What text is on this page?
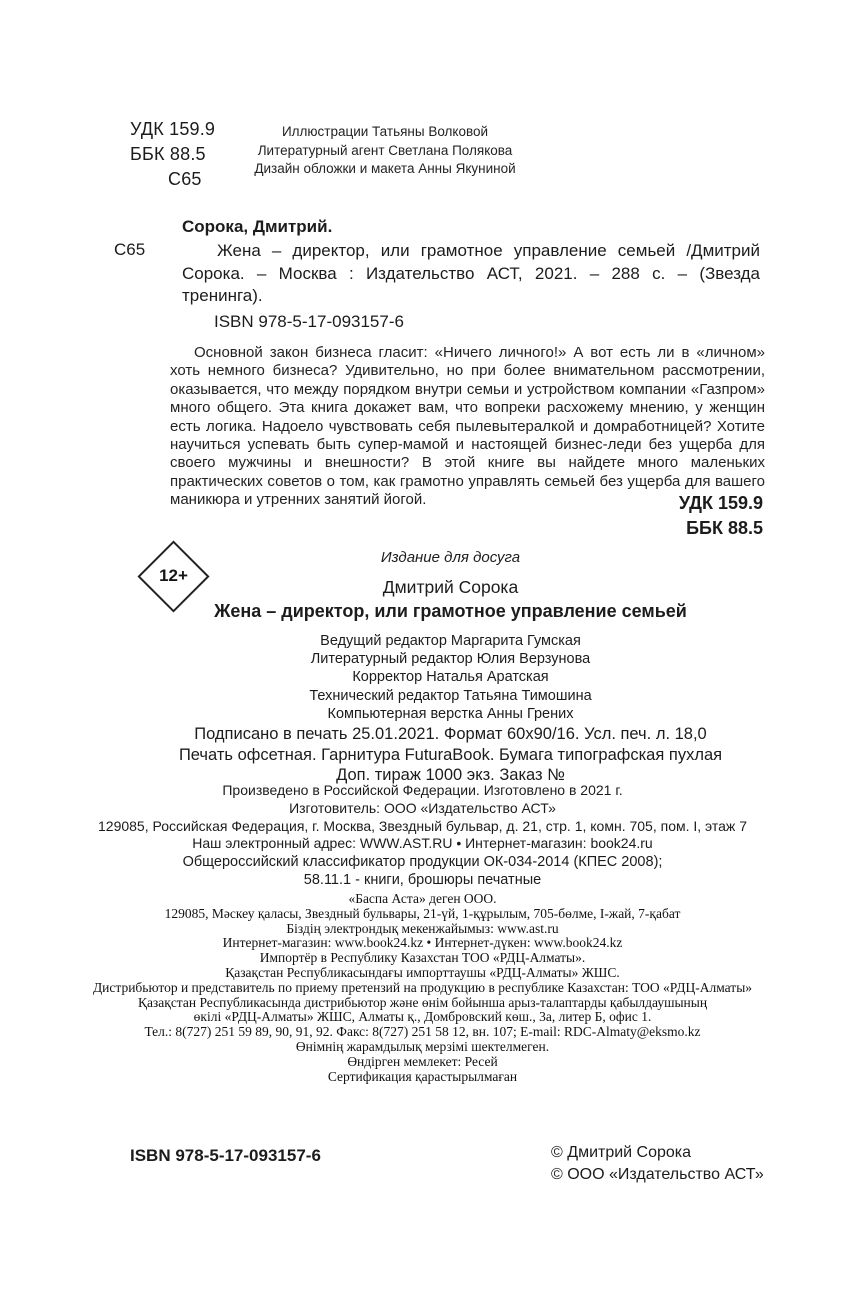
УДК 159.9
ББК 88.5
С65
Иллюстрации Татьяны Волковой
Литературный агент Светлана Полякова
Дизайн обложки и макета Анны Якуниной
Сорока, Дмитрий.
С65	Жена – директор, или грамотное управление семьей /Дмитрий Сорока. – Москва : Издательство АСТ, 2021. – 288 с. – (Звезда тренинга).
ISBN 978-5-17-093157-6
Основной закон бизнеса гласит: «Ничего личного!» А вот есть ли в «личном» хоть немного бизнеса? Удивительно, но при более внимательном рассмотрении, оказывается, что между порядком внутри семьи и устройством компании «Газпром» много общего. Эта книга докажет вам, что вопреки расхожему мнению, у женщин есть логика. Надоело чувствовать себя пылевытералкой и домработницей? Хотите научиться успевать быть супер-мамой и настоящей бизнес-леди без ущерба для своего мужчины и внешности? В этой книге вы найдете много маленьких практических советов о том, как грамотно управлять семьей без ущерба для вашего маникюра и утренних занятий йогой.	УДК 159.9
ББК 88.5
12+
Издание для досуга
Дмитрий Сорока
Жена – директор, или грамотное управление семьей
Ведущий редактор Маргарита Гумская
Литературный редактор Юлия Верзунова
Корректор Наталья Аратская
Технический редактор Татьяна Тимошина
Компьютерная верстка Анны Грених
Подписано в печать 25.01.2021. Формат 60х90/16. Усл. печ. л. 18,0
Печать офсетная. Гарнитура FuturaBook. Бумага типографская пухлая
Доп. тираж 1000 экз. Заказ №
Произведено в Российской Федерации. Изготовлено в 2021 г.
Изготовитель: ООО «Издательство АСТ»
129085, Российская Федерация, г. Москва, Звездный бульвар, д. 21, стр. 1, комн. 705, пом. I, этаж 7
Наш электронный адрес: WWW.AST.RU • Интернет-магазин: book24.ru
Общероссийский классификатор продукции ОК-034-2014 (КПЕС 2008);
58.11.1 - книги, брошюры печатные
«Баспа Аста» деген ООО.
129085, Мәскеу қаласы, Звездный бульвары, 21-үй, 1-құрылым, 705-бөлме, I-жай, 7-қабат
Біздің электрондық мекенжайымыз: www.ast.ru
Интернет-магазин: www.book24.kz • Интернет-дүкен: www.book24.kz
Импортёр в Республику Казахстан ТОО «РДЦ-Алматы».
Қазақстан Республикасындағы импорттаушы «РДЦ-Алматы» ЖШС.
Дистрибьютор и представитель по приему претензий на продукцию в республике Казахстан: ТОО «РДЦ-Алматы»
Қазақстан Республикасында дистрибьютор және өнім бойынша арыз-талаптарды қабылдаушының
өкілі «РДЦ-Алматы» ЖШС, Алматы қ., Домбровский көш., 3а, литер Б, офис 1.
Тел.: 8(727) 251 59 89, 90, 91, 92. Факс: 8(727) 251 58 12, вн. 107; E-mail: RDC-Almaty@eksmo.kz
Өнімнің жарамдылық мерзімі шектелмеген.
Өндірген мемлекет: Ресей
Сертификация қарастырылмаған
ISBN 978-5-17-093157-6	© Дмитрий Сорока
© ООО «Издательство АСТ»
